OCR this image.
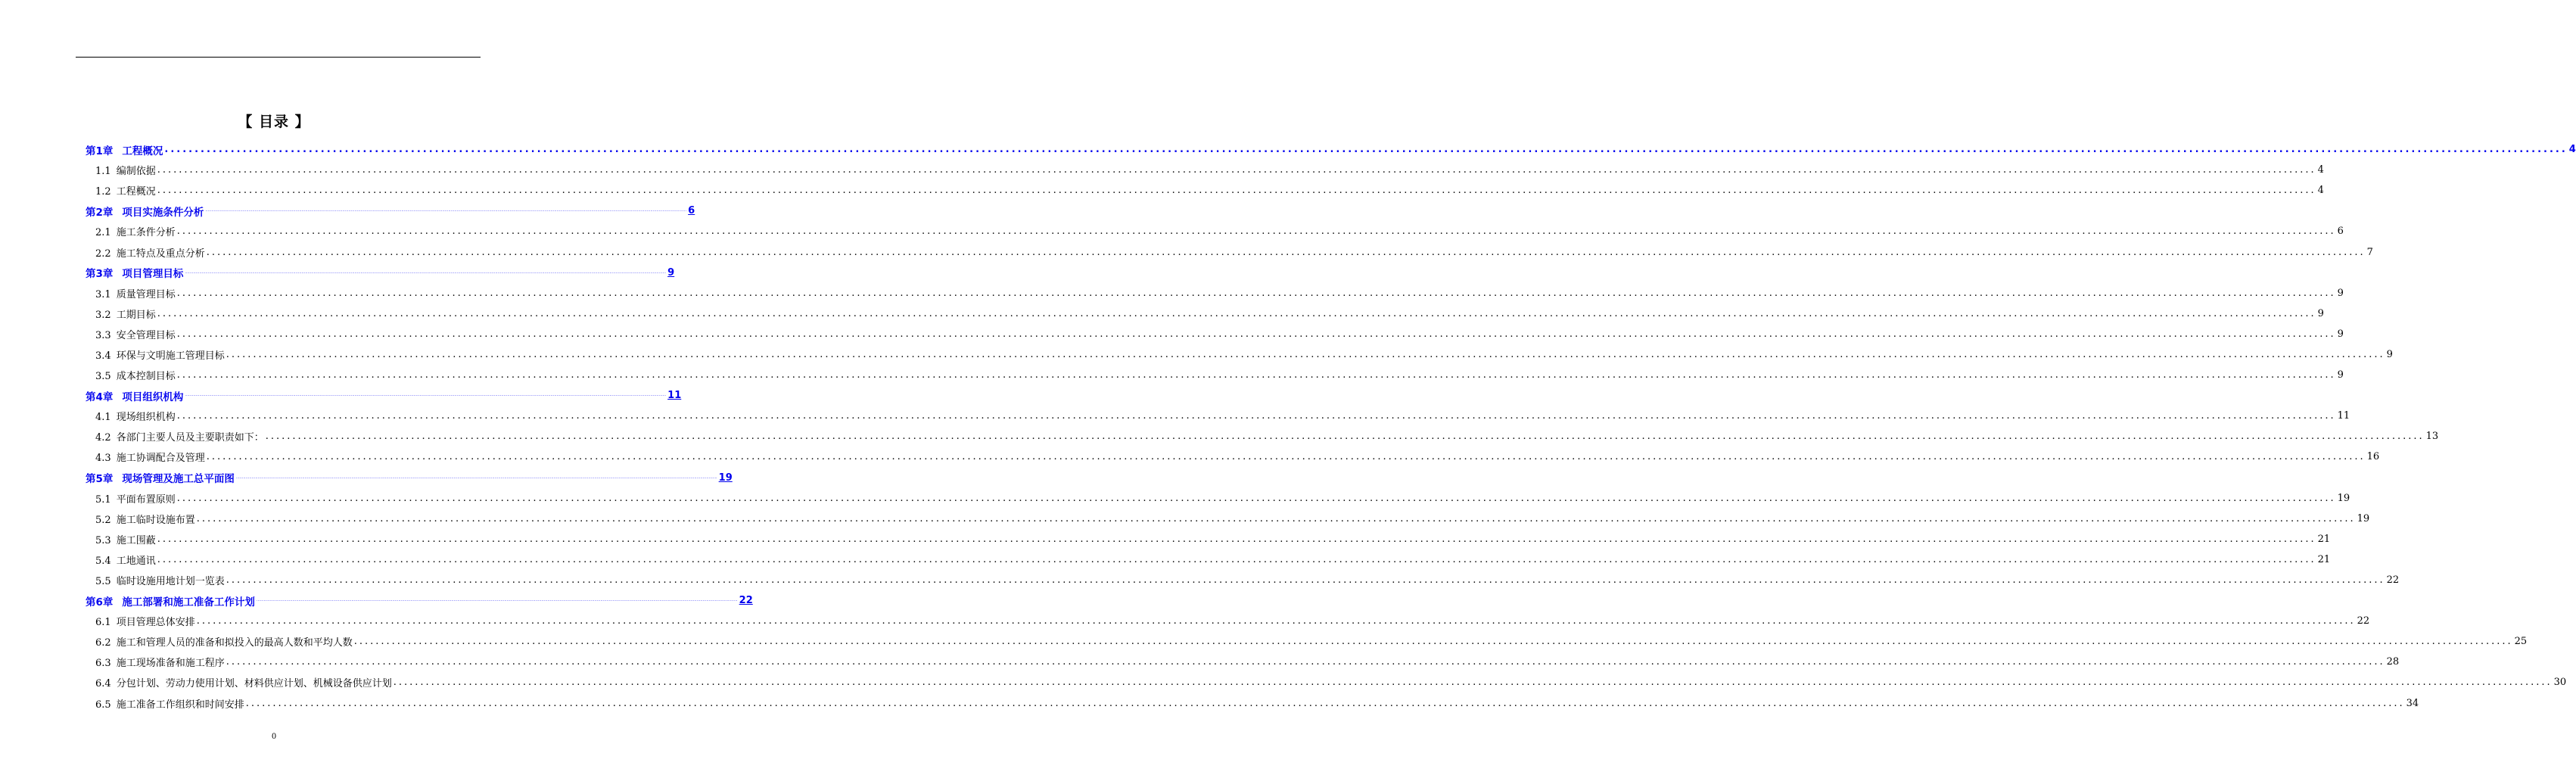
【 目录 】
第1章 工程概况 ................................................................................................................................................................................................................................................................................................................................................................................................................ 4
1.1 编制依据 ................................................................................................................................................................................................................................................................................................................................................................................................................ 4
1.2 工程概况 ................................................................................................................................................................................................................................................................................................................................................................................................................ 4
第2章 项目实施条件分析 ................................................................................................................................................................................................................................................................................................................................................................................................................ 6
2.1 施工条件分析 ................................................................................................................................................................................................................................................................................................................................................................................................................ 6
2.2 施工特点及重点分析 ................................................................................................................................................................................................................................................................................................................................................................................................................ 7
第3章 项目管理目标 ................................................................................................................................................................................................................................................................................................................................................................................................................ 9
3.1 质量管理目标 ................................................................................................................................................................................................................................................................................................................................................................................................................ 9
3.2 工期目标 ................................................................................................................................................................................................................................................................................................................................................................................................................ 9
3.3 安全管理目标 ................................................................................................................................................................................................................................................................................................................................................................................................................ 9
3.4 环保与文明施工管理目标 ................................................................................................................................................................................................................................................................................................................................................................................................................ 9
3.5 成本控制目标 ................................................................................................................................................................................................................................................................................................................................................................................................................ 9
第4章 项目组织机构 ................................................................................................................................................................................................................................................................................................................................................................................................................ 11
4.1 现场组织机构 ................................................................................................................................................................................................................................................................................................................................................................................................................ 11
4.2 各部门主要人员及主要职责如下： ................................................................................................................................................................................................................................................................................................................................................................................................................ 13
4.3 施工协调配合及管理 ................................................................................................................................................................................................................................................................................................................................................................................................................ 16
第5章 现场管理及施工总平面图 ................................................................................................................................................................................................................................................................................................................................................................................................................ 19
5.1 平面布置原则 ................................................................................................................................................................................................................................................................................................................................................................................................................ 19
5.2 施工临时设施布置 ................................................................................................................................................................................................................................................................................................................................................................................................................ 19
5.3 施工围蔽 ................................................................................................................................................................................................................................................................................................................................................................................................................ 21
5.4 工地通讯 ................................................................................................................................................................................................................................................................................................................................................................................................................ 21
5.5 临时设施用地计划一览表 ................................................................................................................................................................................................................................................................................................................................................................................................................ 22
第6章 施工部署和施工准备工作计划 ................................................................................................................................................................................................................................................................................................................................................................................................................ 22
6.1 项目管理总体安排 ................................................................................................................................................................................................................................................................................................................................................................................................................ 22
6.2 施工和管理人员的准备和拟投入的最高人数和平均人数 ................................................................................................................................................................................................................................................................................................................................................................................................................ 25
6.3 施工现场准备和施工程序 ................................................................................................................................................................................................................................................................................................................................................................................................................ 28
6.4 分包计划、劳动力使用计划、材料供应计划、机械设备供应计划 ................................................................................................................................................................................................................................................................................................................................................................................................................ 30
6.5 施工准备工作组织和时间安排 ................................................................................................................................................................................................................................................................................................................................................................................................................ 34
0
